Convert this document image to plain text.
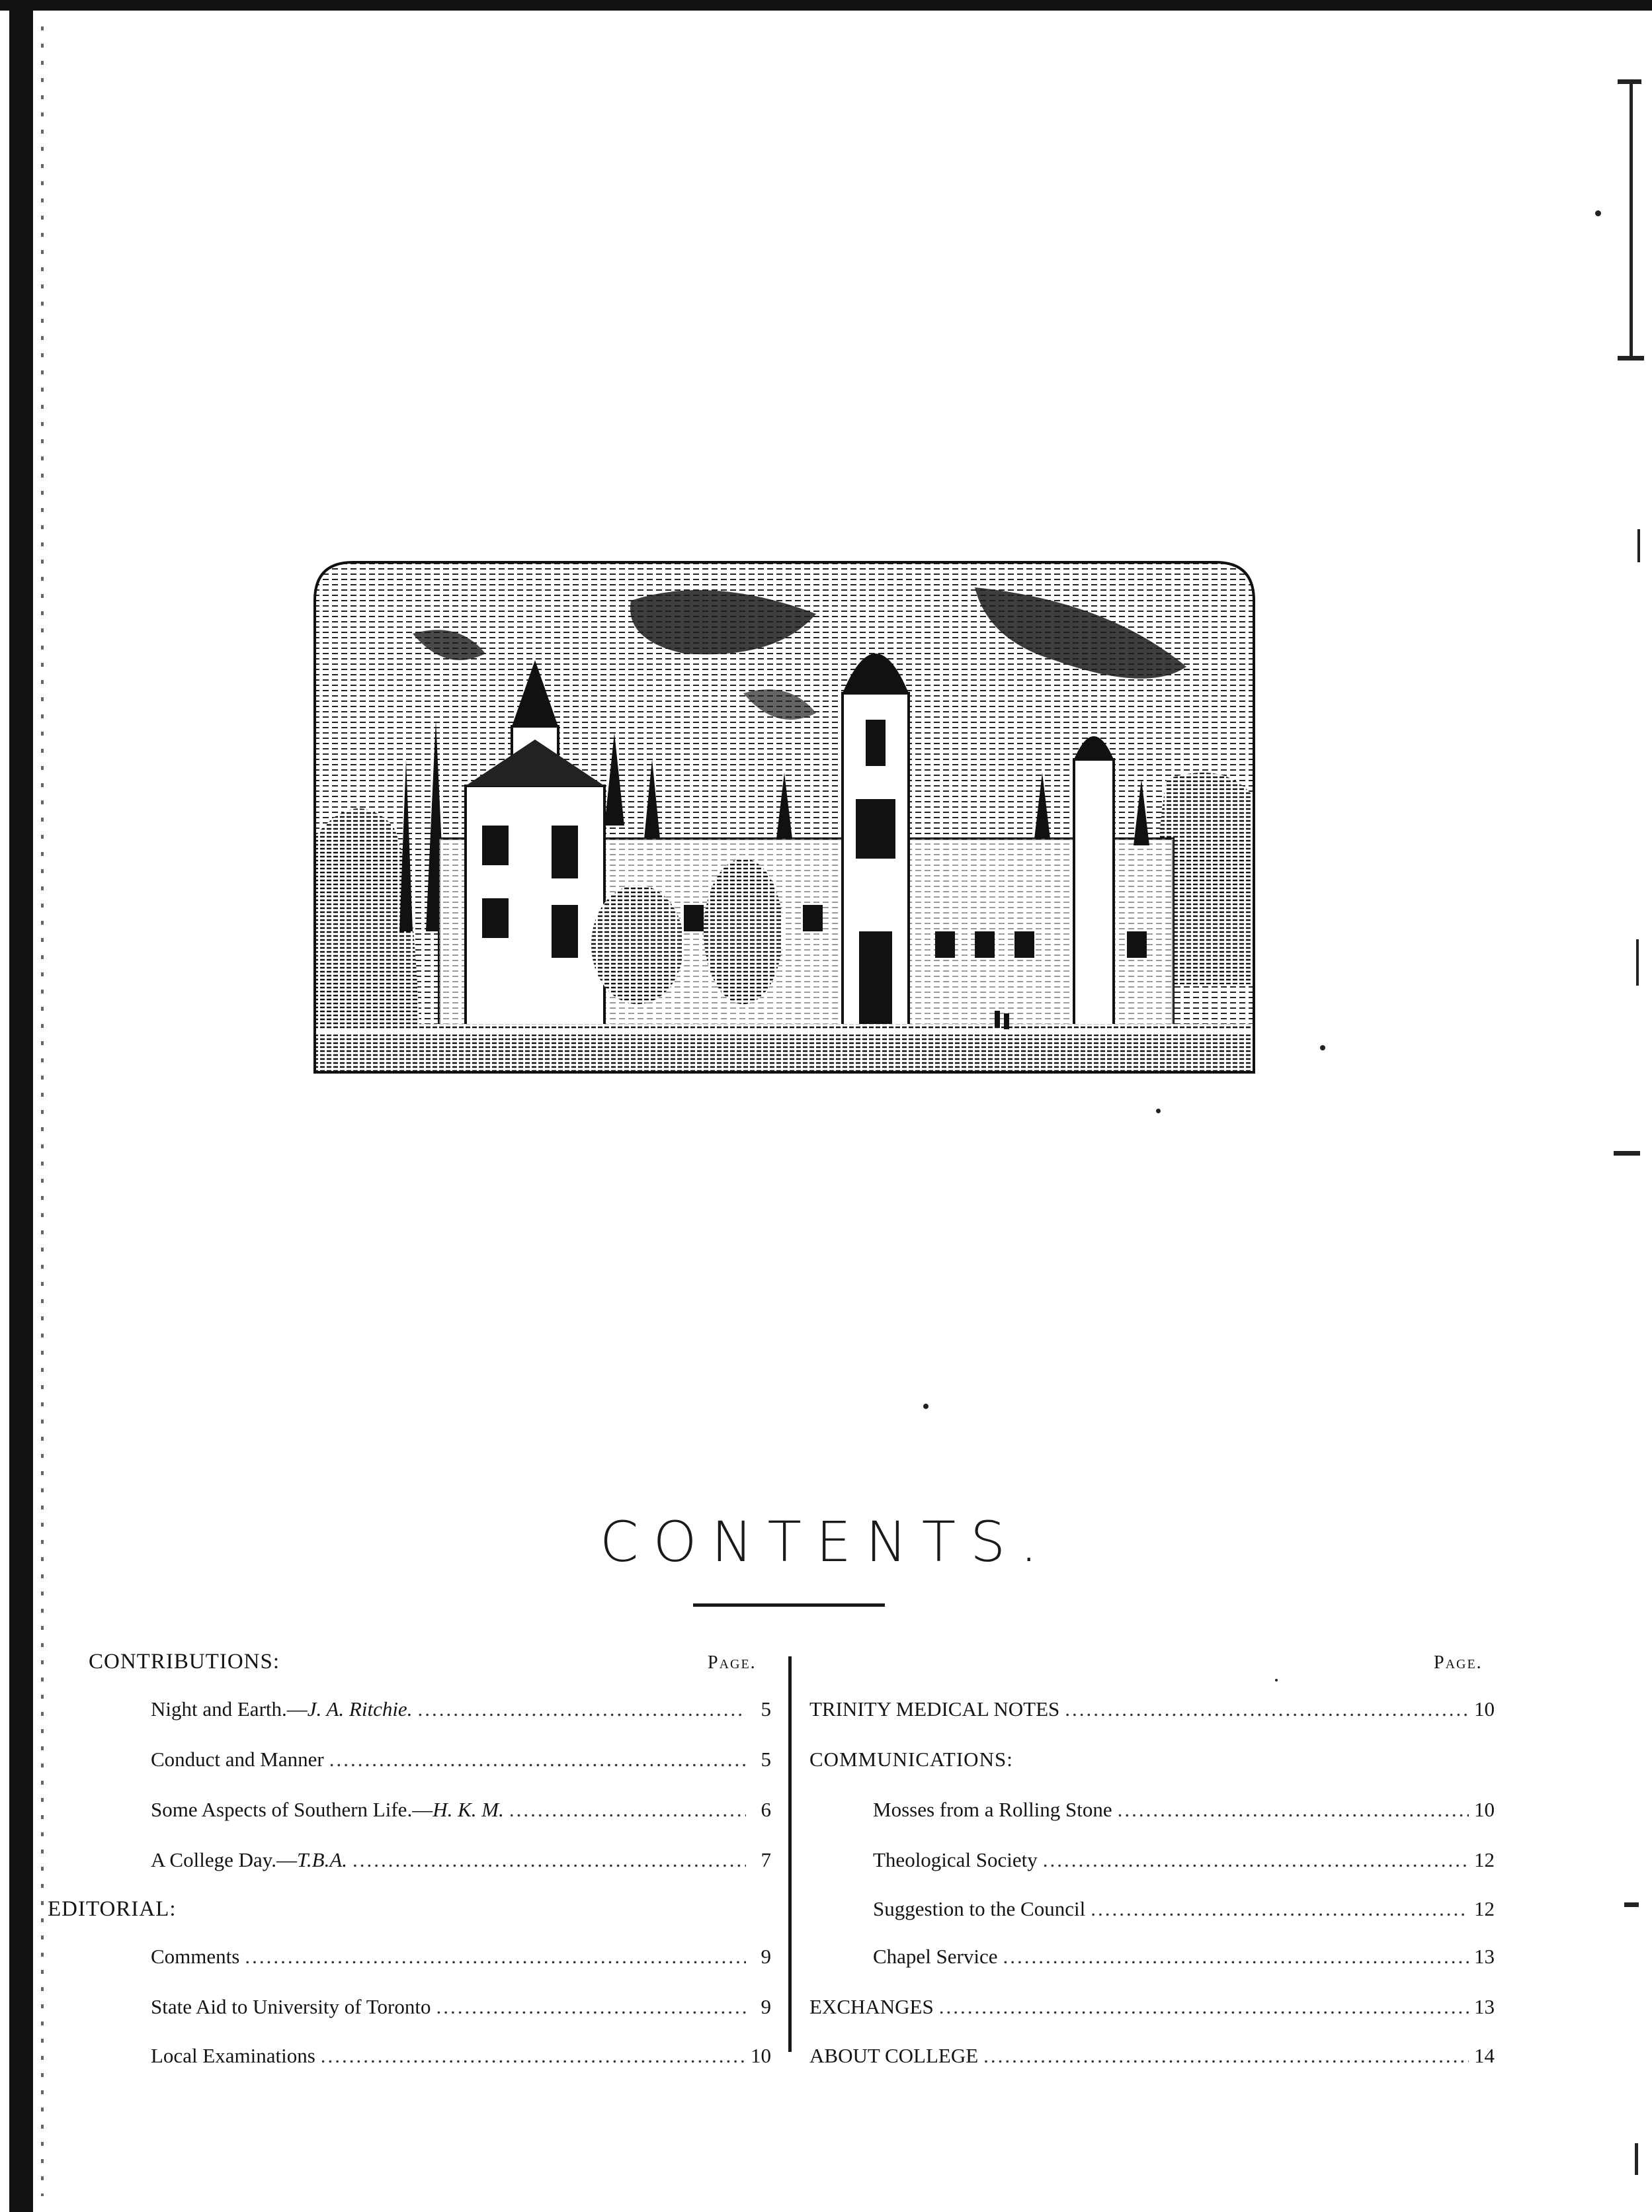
CONTENTS.
CONTRIBUTIONS:	Page.
Night and Earth.—J. A. Ritchie. .....	5
Conduct and Manner .....	5
Some Aspects of Southern Life.—H. K. M. .....	6
A College Day.—T.B.A. .....	7
EDITORIAL:
Comments .....	9
State Aid to University of Toronto .....	9
Local Examinations .....	10
Page.
TRINITY MEDICAL NOTES .....	10
COMMUNICATIONS:
Mosses from a Rolling Stone .....	10
Theological Society .....	12
Suggestion to the Council .....	12
Chapel Service .....	13
EXCHANGES .....	13
ABOUT COLLEGE .....	14
